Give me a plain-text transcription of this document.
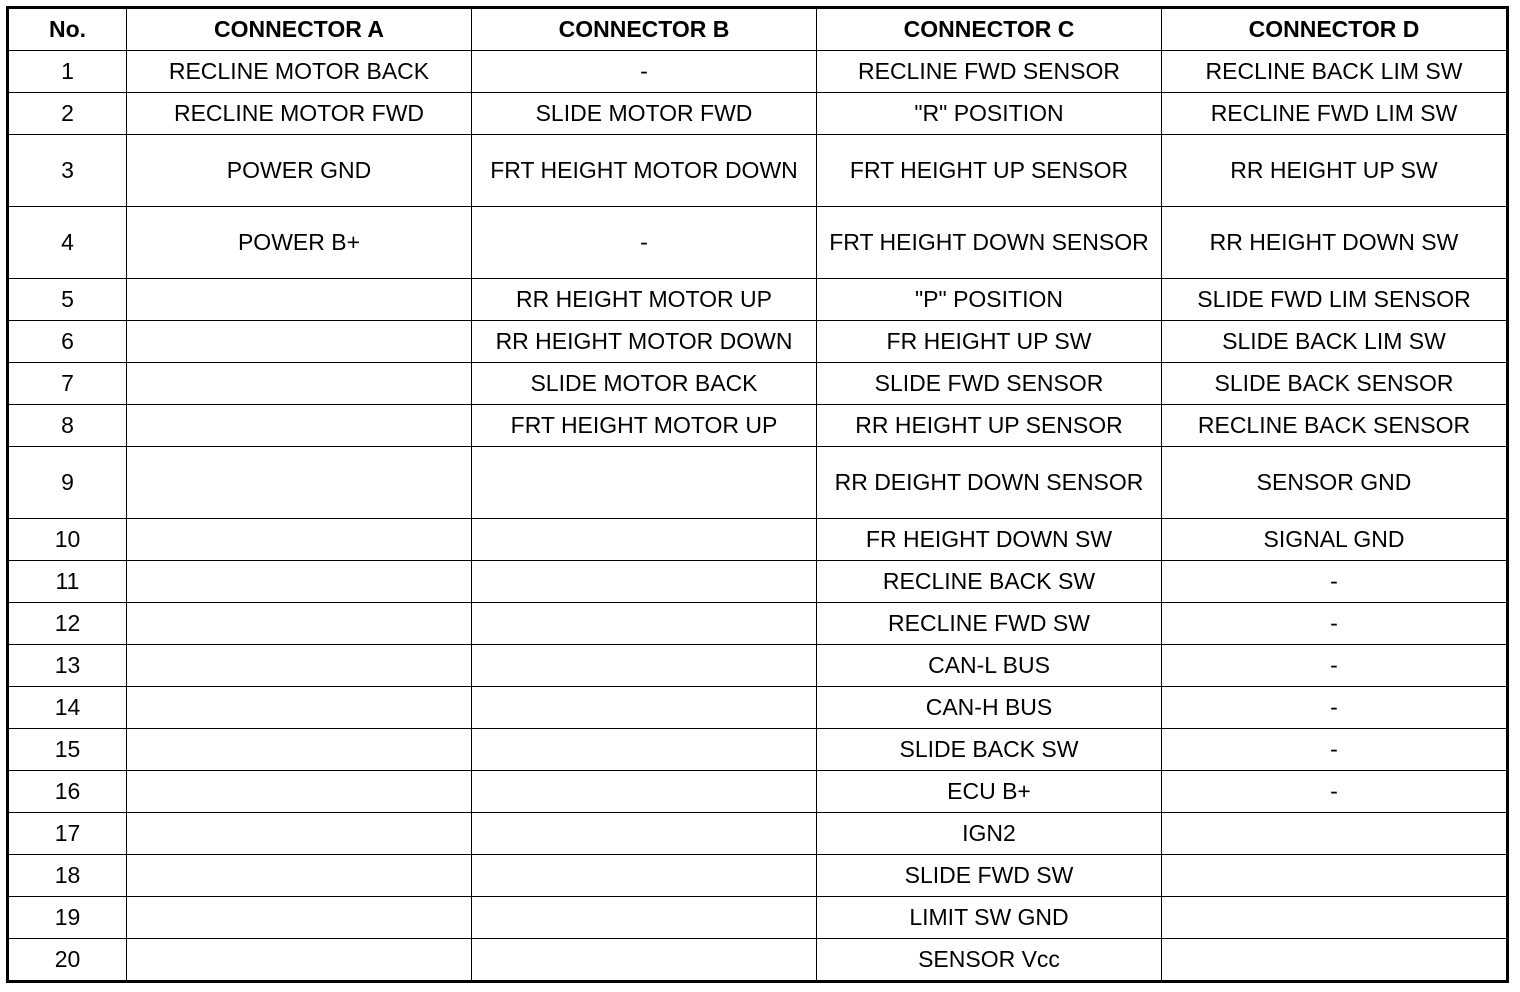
No.	CONNECTOR A	CONNECTOR B	CONNECTOR C	CONNECTOR D
1	RECLINE MOTOR BACK	-	RECLINE FWD SENSOR	RECLINE BACK LIM SW
2	RECLINE MOTOR FWD	SLIDE MOTOR FWD	"R" POSITION	RECLINE FWD LIM SW
3	POWER GND	FRT HEIGHT MOTOR DOWN	FRT HEIGHT UP SENSOR	RR HEIGHT UP SW
4	POWER B+	-	FRT HEIGHT DOWN SENSOR	RR HEIGHT DOWN SW
5		RR HEIGHT MOTOR UP	"P" POSITION	SLIDE FWD LIM SENSOR
6		RR HEIGHT MOTOR DOWN	FR HEIGHT UP SW	SLIDE BACK LIM SW
7		SLIDE MOTOR BACK	SLIDE FWD SENSOR	SLIDE BACK SENSOR
8		FRT HEIGHT MOTOR UP	RR HEIGHT UP SENSOR	RECLINE BACK SENSOR
9			RR DEIGHT DOWN SENSOR	SENSOR GND
10			FR HEIGHT DOWN SW	SIGNAL GND
11			RECLINE BACK SW	-
12			RECLINE FWD SW	-
13			CAN-L BUS	-
14			CAN-H BUS	-
15			SLIDE BACK SW	-
16			ECU B+	-
17			IGN2	
18			SLIDE FWD SW	
19			LIMIT SW GND	
20			SENSOR Vcc	
